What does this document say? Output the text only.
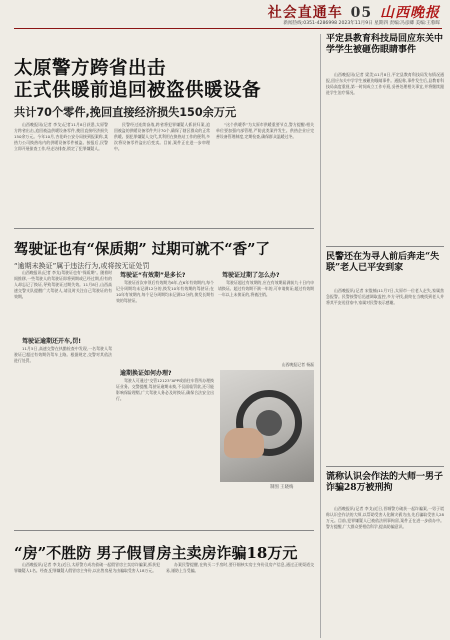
社会直通车 05 山西晚报
新闻热线:0351-4286998 2023年11月9日 星期四 责编:冯彦卿 美编:王蓉晖
太原警方跨省出击
正式供暖前追回被盗供暖设备
共计70个零件,挽回直接经济损失150余万元

山西晚报讯(记者 李戈)记者11月8日获悉,太原警方跨省出击,追回被盗供暖设备零件,挽回直接经济损失150余万元。今年10月,杏花岭公安分局接到报案称,某热力公司换热站内的供暖设备零件被盗。接报后,民警立即开展侦查工作,经走访排查,锁定了犯罪嫌疑人。

民警经过连续奋战,跨省将犯罪嫌疑人抓获归案,追回被盗的供暖设备零件共计70个,确保了辖区群众的正常供暖。据犯罪嫌疑人交代,其利用在换热站工作的便利,多次将设备零件盗出后变卖。目前,案件正在进一步审理中。

“这个供暖季”为太原市供暖重要节点,警方提醒:相关单位要加强内部管理,严防此类案件发生。供热企业应完善设备管理制度,定期检查,确保群众温暖过冬。

驾驶证也有“保质期” 过期可就不“香”了
“逾期未换证”属于违法行为,或将按无证处罚

山西晚报讯(记者 李戈)驾驶证也有“保质期”。随着时间推移,一些驾驶人的驾驶证即将到期或已经过期,但有的人却忘记了换证,导致驾驶证过期失效。11月8日,山西高速交警支队提醒广大驾驶人,请及时关注自己驾驶证的有效期。

驾驶证逾期还开车,罚!

11月5日,高速交警在执勤检查中发现,一名驾驶人驾驶证已超过有效期仍驾车上路。根据规定,交警对其依法进行处罚。

驾驶证“有效期”是多长?

驾驶证首次申领后有效期为6年,在6年有效期内,每个记分周期均未记满12分的,换发10年有效期的驾驶证;在10年有效期内,每个记分周期均未记满12分的,换发长期有效的驾驶证。

逾期换证如何办理?

驾驶人可通过“交管12123”APP或前往车管所办理换证业务。交警提醒,驾驶证逾期未换,不仅面临罚款,还可能影响保险理赔,广大驾驶人务必及时换证,确保合法安全出行。

驾驶证过期了怎么办?

驾驶证超过有效期的,应在有效期届满前九十日内申请换证。超过有效期不满一年的,可申请换证;超过有效期一年以上未换证的,将被注销。

山西晚报记者 杨磊
制图 王晓梅
“房”不胜防 男子假冒房主卖房诈骗18万元

山西晚报讯(记者 李戈)近日,太原警方成功侦破一起假冒房主卖房诈骗案,抓获犯罪嫌疑人1名。经查,犯罪嫌疑人假冒房主身份,以出售房屋为由骗取受害人18万元。

办案民警提醒,在购买二手房时,要仔细核实房主身份及房产信息,通过正规渠道交易,谨防上当受骗。

平定县教育科技局回应东关中学学生被砸伤眼睛事件

山西晚报讯(记者 梁美)11月8日,平定县教育科技局发布情况通报,回应东关中学学生被砸伤眼睛事件。通报称,事件发生后,县教育科技局高度重视,第一时间成立工作专班,妥善处理相关事宜,并将继续跟进学生治疗情况。

民警还在为寻人前后奔走“失联”老人已平安到家

山西晚报讯(记者 宋俊楠)11月7日,太原市一位老人走失,家属焦急报警。民警接警后迅速调取监控,多方寻找,最终在当晚找到老人并将其平安送回家中,家属对民警表示感谢。

谎称认识会作法的大师一男子诈骗28万被刑拘

山西晚报讯(记者 李戈)近日,晋城警方破获一起诈骗案,一男子谎称认识会作法的大师,以帮助受害人化解灾祸为由,先后骗取受害人28万元。目前,犯罪嫌疑人已被依法刑事拘留,案件正在进一步侦办中。警方提醒,广大群众要相信科学,提高防骗意识。
